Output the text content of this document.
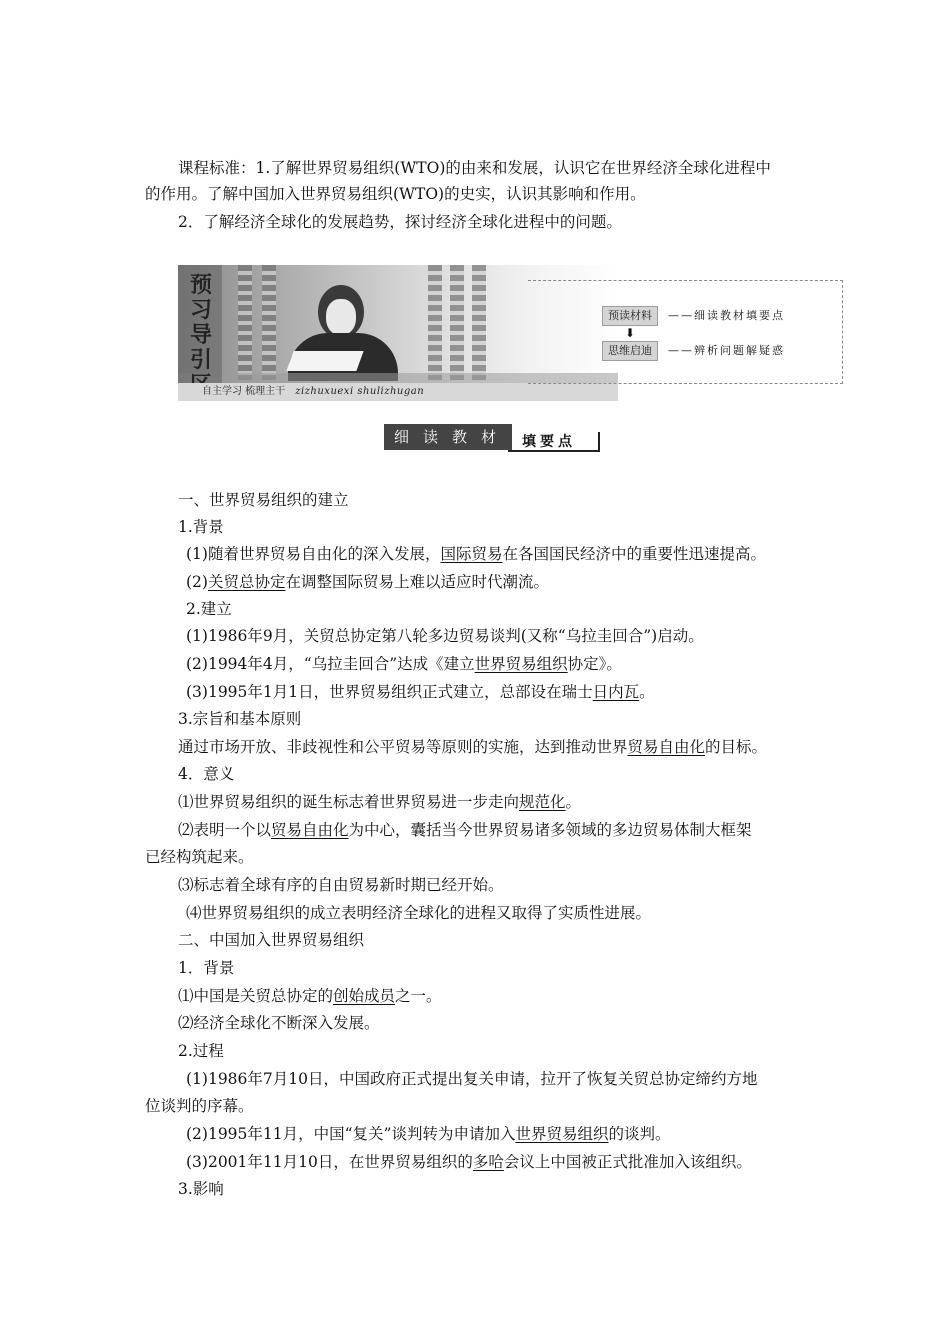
课程标准：1.了解世界贸易组织(WTO)的由来和发展，认识它在世界经济全球化进程中
的作用。了解中国加入世界贸易组织(WTO)的史实，认识其影响和作用。
2．了解经济全球化的发展趋势，探讨经济全球化进程中的问题。
预习导引
自主学习 梳理主干 zizhuxuexi shulizhugan
预读材料	——细读教材填要点
⬇
思维启迪	——辨析问题解疑惑
细读教材 填要点
一、世界贸易组织的建立
1.背景
(1)随着世界贸易自由化的深入发展，国际贸易在各国国民经济中的重要性迅速提高。
(2)关贸总协定在调整国际贸易上难以适应时代潮流。
2.建立
(1)1986年9月，关贸总协定第八轮多边贸易谈判(又称“乌拉圭回合”)启动。
(2)1994年4月，“乌拉圭回合”达成《建立世界贸易组织协定》。
(3)1995年1月1日，世界贸易组织正式建立，总部设在瑞士日内瓦。
3.宗旨和基本原则
通过市场开放、非歧视性和公平贸易等原则的实施，达到推动世界贸易自由化的目标。
4．意义
⑴世界贸易组织的诞生标志着世界贸易进一步走向规范化。
⑵表明一个以贸易自由化为中心，囊括当今世界贸易诸多领域的多边贸易体制大框架
已经构筑起来。
⑶标志着全球有序的自由贸易新时期已经开始。
⑷世界贸易组织的成立表明经济全球化的进程又取得了实质性进展。
二、中国加入世界贸易组织
1．背景
⑴中国是关贸总协定的创始成员之一。
⑵经济全球化不断深入发展。
2.过程
(1)1986年7月10日，中国政府正式提出复关申请，拉开了恢复关贸总协定缔约方地
位谈判的序幕。
(2)1995年11月，中国“复关”谈判转为申请加入世界贸易组织的谈判。
(3)2001年11月10日，在世界贸易组织的多哈会议上中国被正式批准加入该组织。
3.影响
